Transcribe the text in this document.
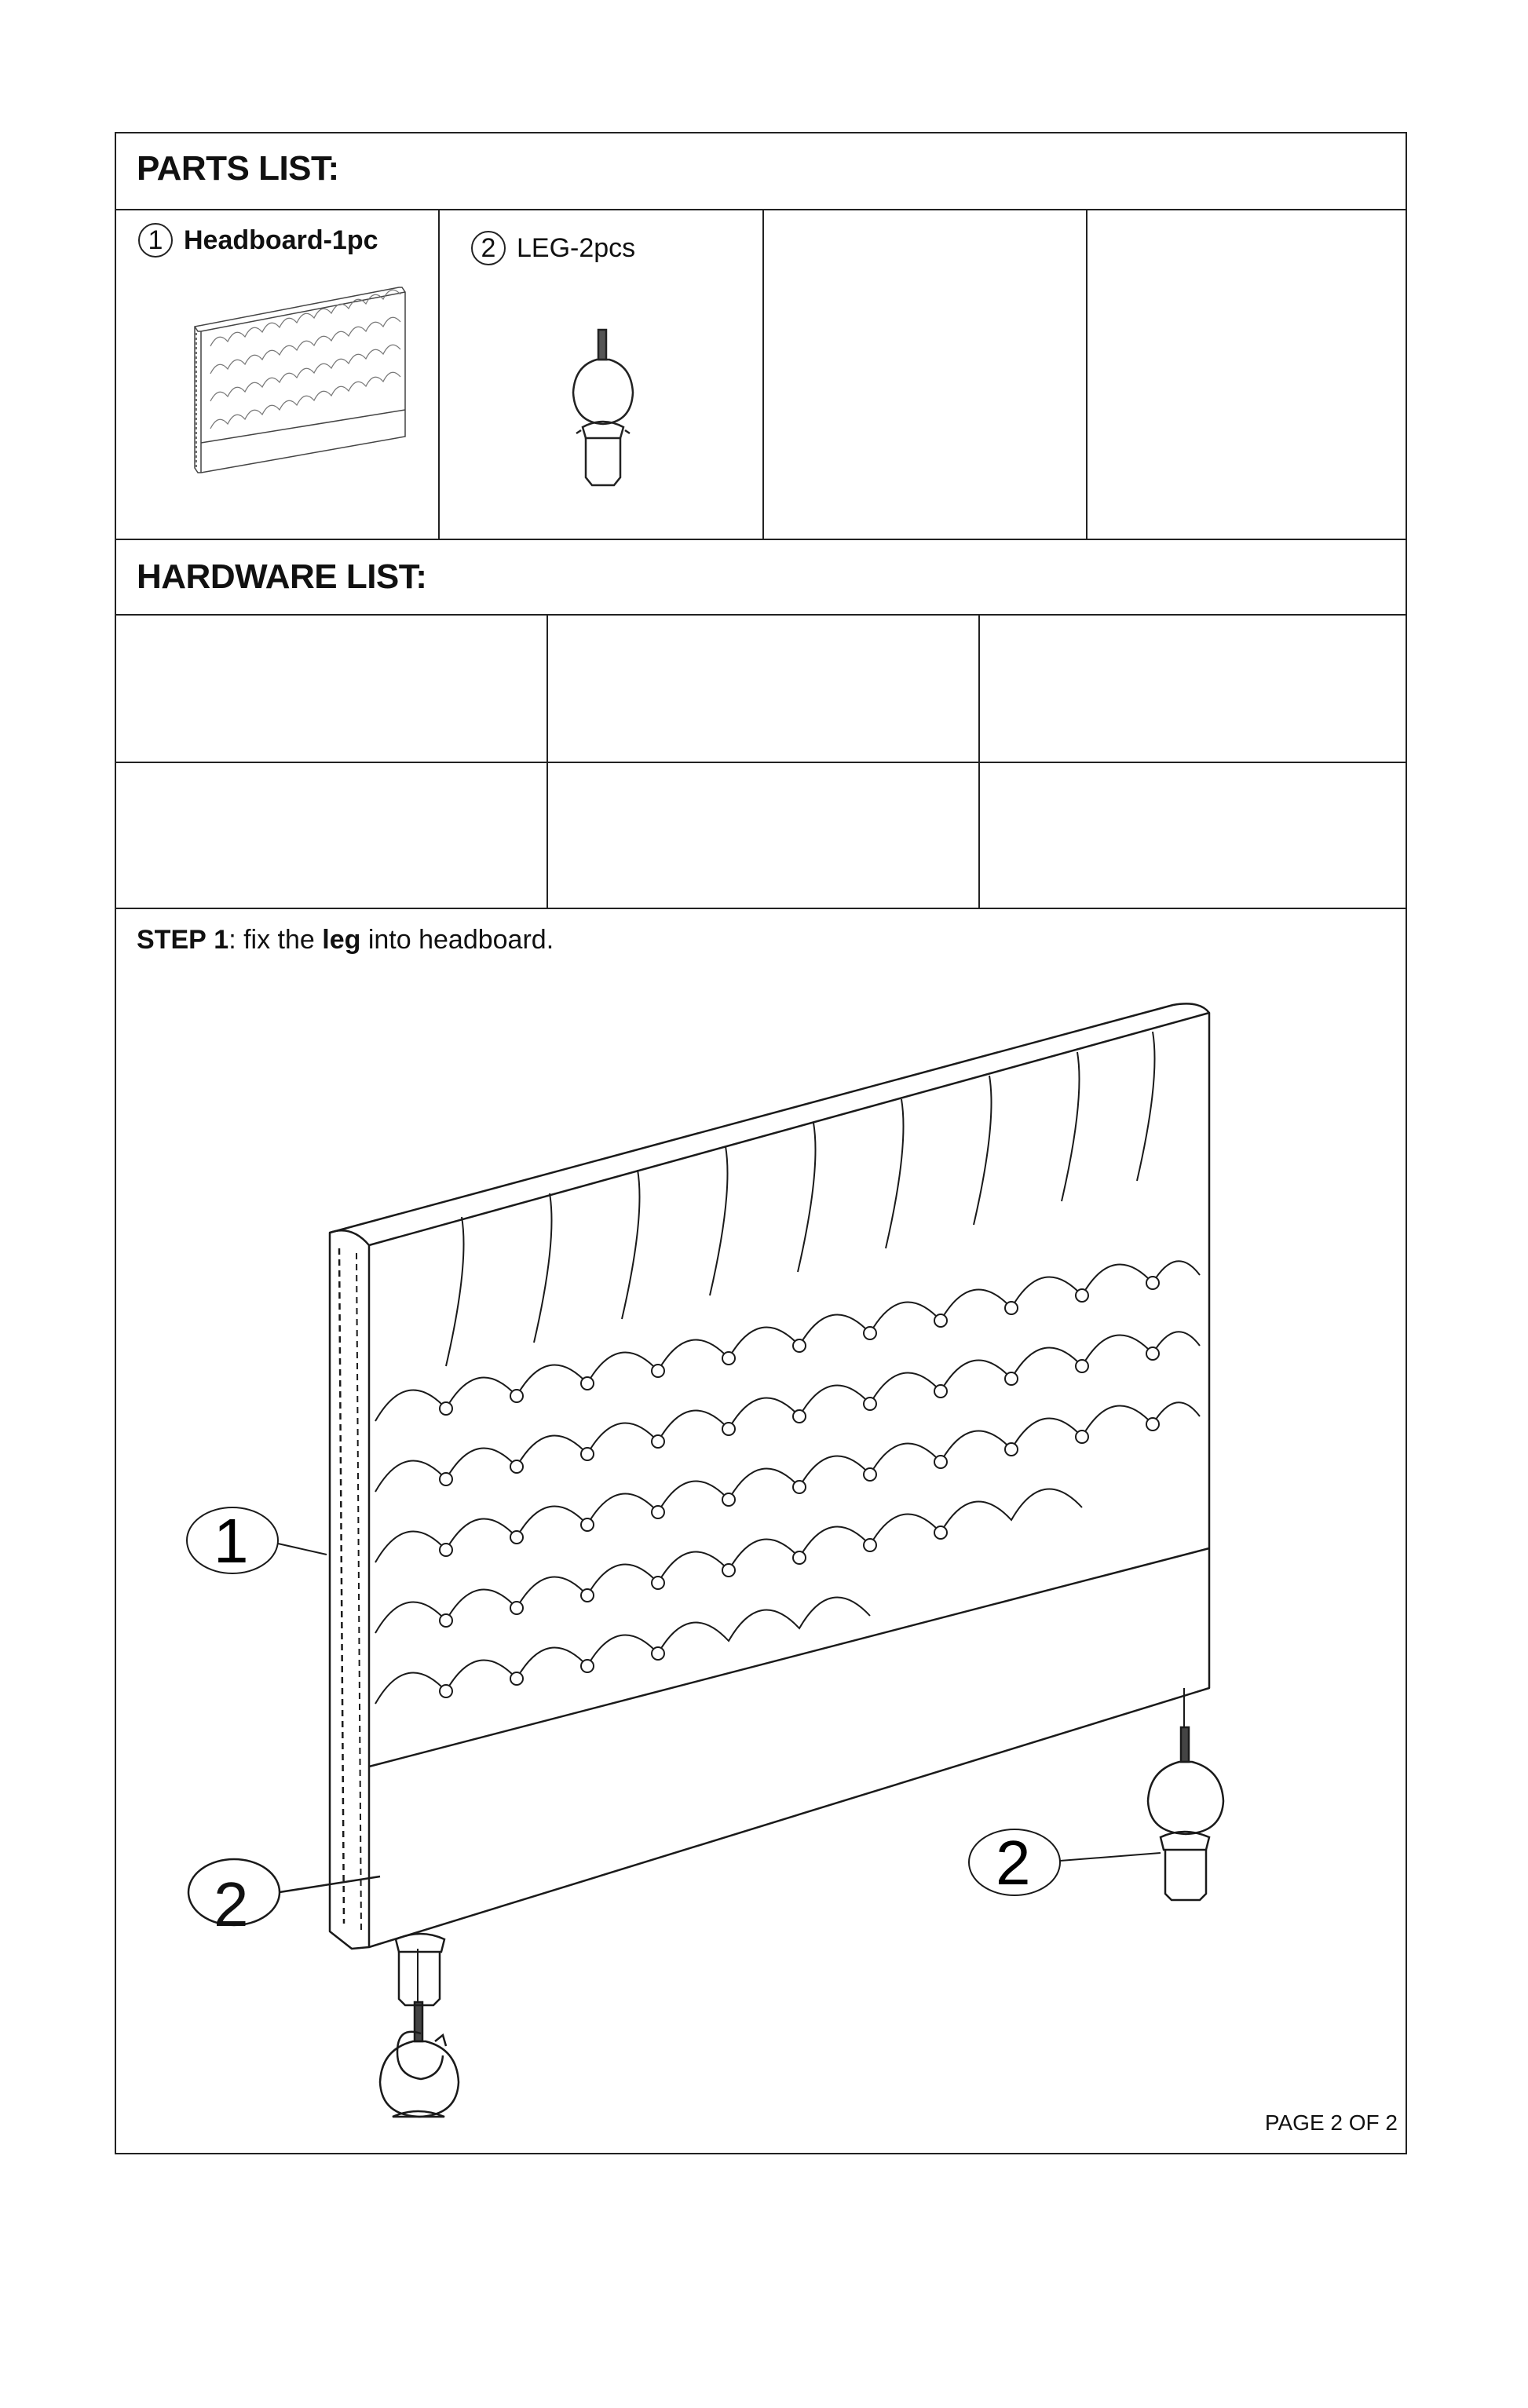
PARTS LIST:
1 Headboard-1pc	2 LEG-2pcs
HARDWARE LIST:
STEP 1: fix the leg into headboard.
1
2
2
PAGE 2 OF 2
